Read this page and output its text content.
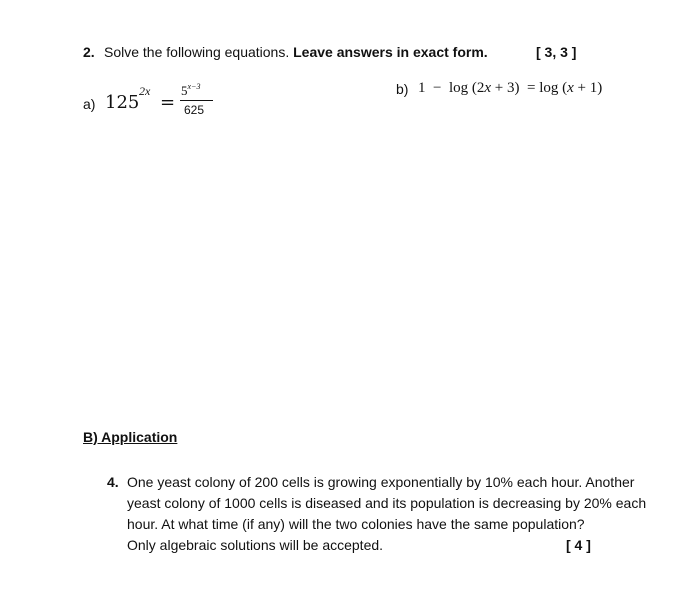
2. Solve the following equations. Leave answers in exact form.	[ 3, 3 ]
a) 125
2x
=
$5^{x-3}$
625
b) 1  −  log (2x + 3)  = log (x + 1)
B) Application
4. One yeast colony of 200 cells is growing exponentially by 10% each hour. Another
yeast colony of 1000 cells is diseased and its population is decreasing by 20% each
hour. At what time (if any) will the two colonies have the same population?
Only algebraic solutions will be accepted.	[ 4 ]
